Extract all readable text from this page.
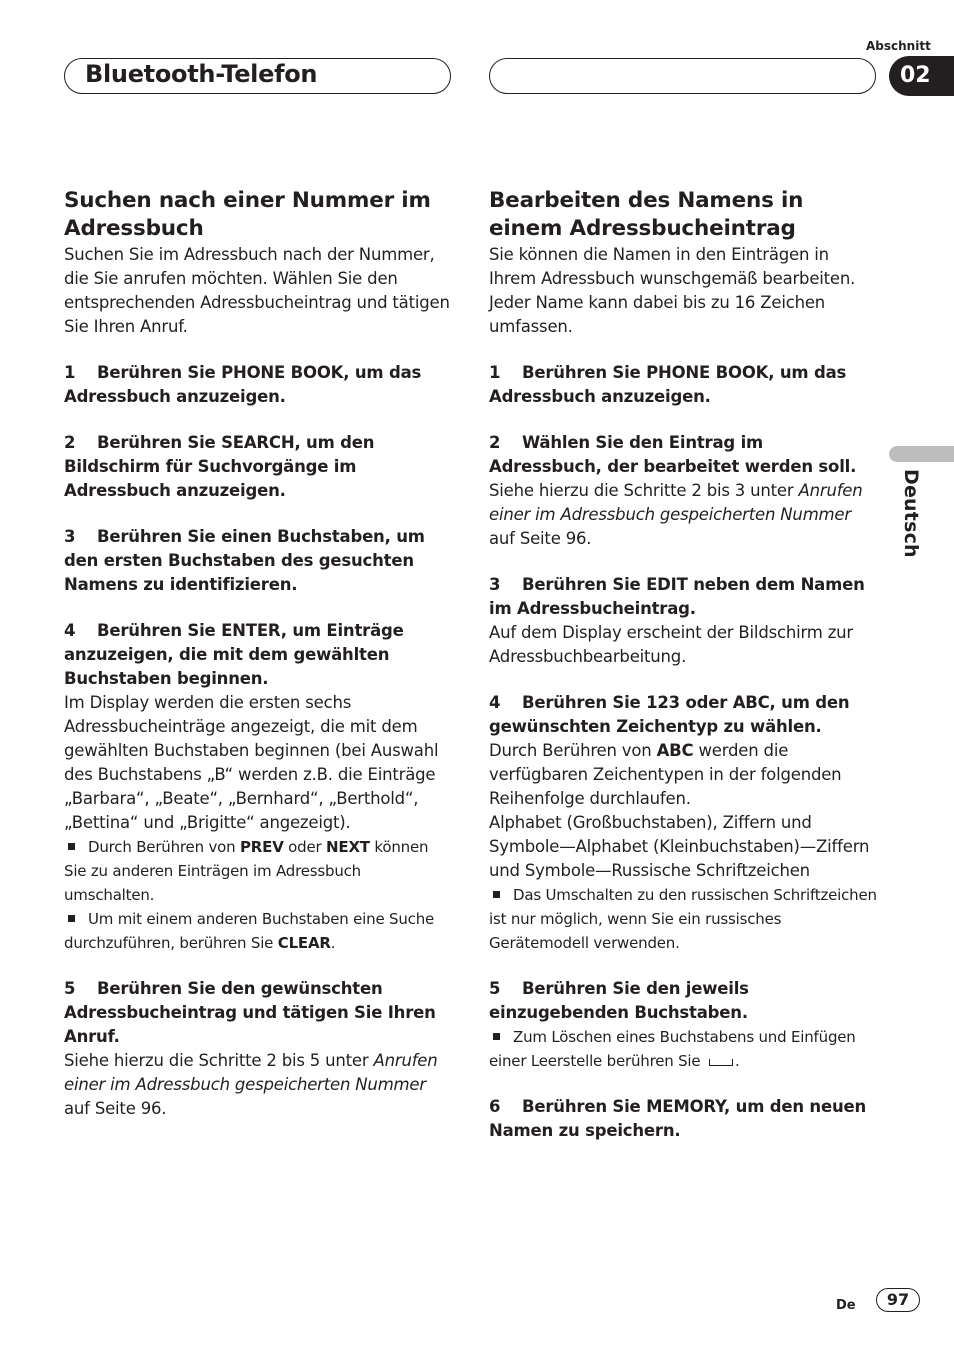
Bluetooth-Telefon
Abschnitt
02
Deutsch
Suchen nach einer Nummer im Adressbuch

Suchen Sie im Adressbuch nach der Nummer, die Sie anrufen möchten. Wählen Sie den entsprechenden Adressbucheintrag und tätigen Sie Ihren Anruf.

1 Berühren Sie PHONE BOOK, um das Adressbuch anzuzeigen.
2 Berühren Sie SEARCH, um den Bildschirm für Suchvorgänge im Adressbuch anzuzeigen.
3 Berühren Sie einen Buchstaben, um den ersten Buchstaben des gesuchten Namens zu identifizieren.
4 Berühren Sie ENTER, um Einträge anzuzeigen, die mit dem gewählten Buchstaben beginnen.

Im Display werden die ersten sechs Adressbucheinträge angezeigt, die mit dem gewählten Buchstaben beginnen (bei Auswahl des Buchstabens „B“ werden z.B. die Einträge „Barbara“, „Beate“, „Bernhard“, „Berthold“, „Bettina“ und „Brigitte“ angezeigt).

Durch Berühren von PREV oder NEXT können Sie zu anderen Einträgen im Adressbuch umschalten.

Um mit einem anderen Buchstaben eine Suche durchzuführen, berühren Sie CLEAR.

5 Berühren Sie den gewünschten Adressbucheintrag und tätigen Sie Ihren Anruf.

Siehe hierzu die Schritte 2 bis 5 unter Anrufen einer im Adressbuch gespeicherten Nummer auf Seite 96.

Bearbeiten des Namens in einem Adressbucheintrag

Sie können die Namen in den Einträgen in Ihrem Adressbuch wunschgemäß bearbeiten. Jeder Name kann dabei bis zu 16 Zeichen umfassen.

1 Berühren Sie PHONE BOOK, um das Adressbuch anzuzeigen.
2 Wählen Sie den Eintrag im Adressbuch, der bearbeitet werden soll.

Siehe hierzu die Schritte 2 bis 3 unter Anrufen einer im Adressbuch gespeicherten Nummer auf Seite 96.

3 Berühren Sie EDIT neben dem Namen im Adressbucheintrag.

Auf dem Display erscheint der Bildschirm zur Adressbuchbearbeitung.

4 Berühren Sie 123 oder ABC, um den gewünschten Zeichentyp zu wählen.

Durch Berühren von ABC werden die verfügbaren Zeichentypen in der folgenden Reihenfolge durchlaufen.

Alphabet (Großbuchstaben), Ziffern und Symbole—Alphabet (Kleinbuchstaben)—Ziffern und Symbole—Russische Schriftzeichen

Das Umschalten zu den russischen Schriftzeichen ist nur möglich, wenn Sie ein russisches Gerätemodell verwenden.

5 Berühren Sie den jeweils einzugebenden Buchstaben.

Zum Löschen eines Buchstabens und Einfügen einer Leerstelle berühren Sie .

6 Berühren Sie MEMORY, um den neuen Namen zu speichern.
De	97
